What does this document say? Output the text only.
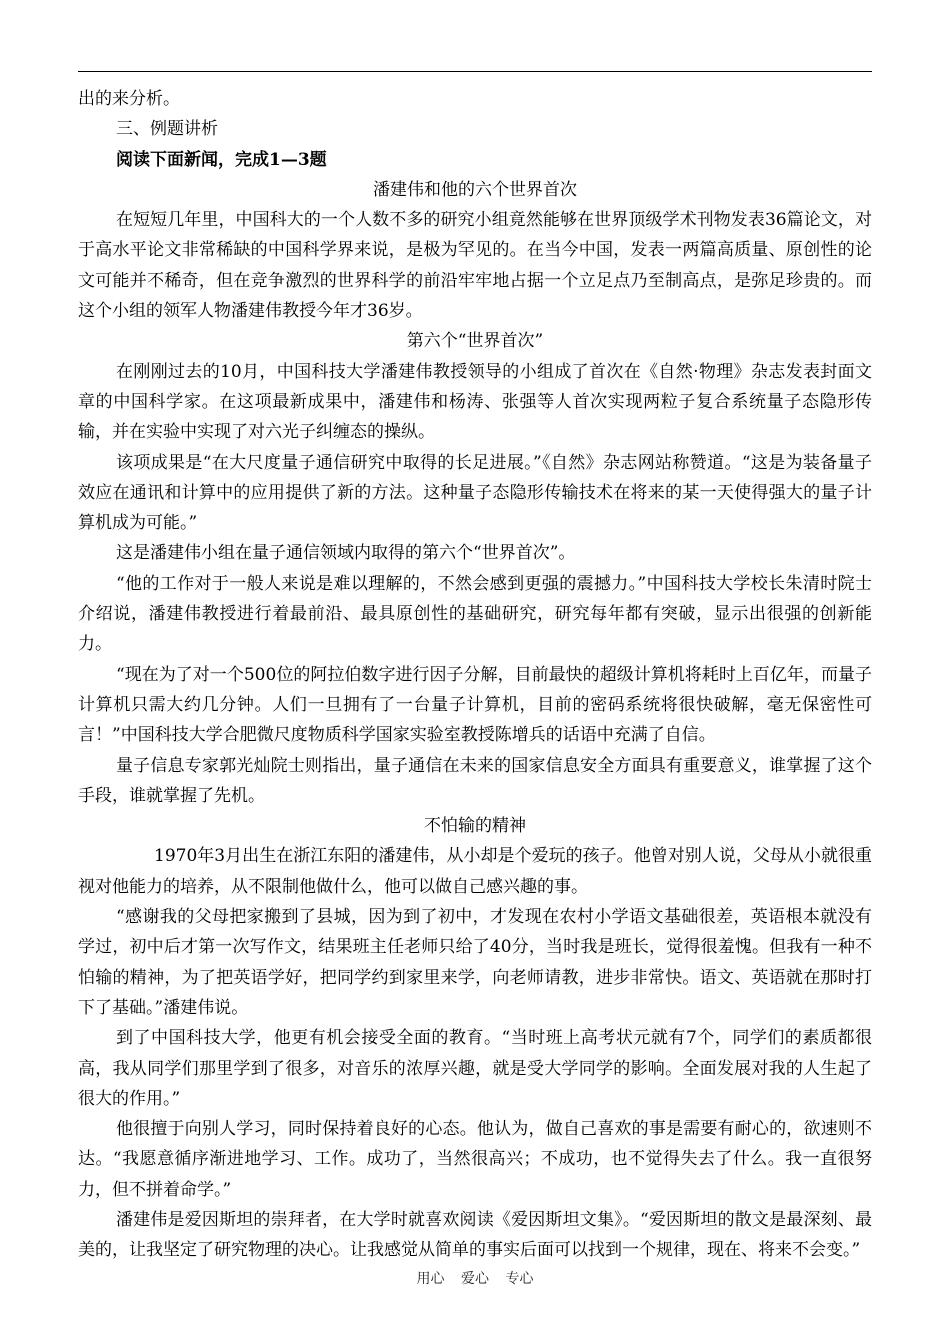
出的来分析。

三、例题讲析

阅读下面新闻，完成1—3题

潘建伟和他的六个世界首次

在短短几年里，中国科大的一个人数不多的研究小组竟然能够在世界顶级学术刊物发表36篇论文，对于高水平论文非常稀缺的中国科学界来说，是极为罕见的。在当今中国，发表一两篇高质量、原创性的论文可能并不稀奇，但在竞争激烈的世界科学的前沿牢牢地占据一个立足点乃至制高点，是弥足珍贵的。而这个小组的领军人物潘建伟教授今年才36岁。

第六个“世界首次”

在刚刚过去的10月，中国科技大学潘建伟教授领导的小组成了首次在《自然·物理》杂志发表封面文章的中国科学家。在这项最新成果中，潘建伟和杨涛、张强等人首次实现两粒子复合系统量子态隐形传输，并在实验中实现了对六光子纠缠态的操纵。

该项成果是“在大尺度量子通信研究中取得的长足进展。”《自然》杂志网站称赞道。“这是为装备量子效应在通讯和计算中的应用提供了新的方法。这种量子态隐形传输技术在将来的某一天使得强大的量子计算机成为可能。”

这是潘建伟小组在量子通信领域内取得的第六个“世界首次”。

“他的工作对于一般人来说是难以理解的，不然会感到更强的震撼力。”中国科技大学校长朱清时院士介绍说，潘建伟教授进行着最前沿、最具原创性的基础研究，研究每年都有突破，显示出很强的创新能力。

“现在为了对一个500位的阿拉伯数字进行因子分解，目前最快的超级计算机将耗时上百亿年，而量子计算机只需大约几分钟。人们一旦拥有了一台量子计算机，目前的密码系统将很快破解，毫无保密性可言！”中国科技大学合肥微尺度物质科学国家实验室教授陈增兵的话语中充满了自信。

量子信息专家郭光灿院士则指出，量子通信在未来的国家信息安全方面具有重要意义，谁掌握了这个手段，谁就掌握了先机。

不怕输的精神

1970年3月出生在浙江东阳的潘建伟，从小却是个爱玩的孩子。他曾对别人说，父母从小就很重视对他能力的培养，从不限制他做什么，他可以做自己感兴趣的事。

“感谢我的父母把家搬到了县城，因为到了初中，才发现在农村小学语文基础很差，英语根本就没有学过，初中后才第一次写作文，结果班主任老师只给了40分，当时我是班长，觉得很羞愧。但我有一种不怕输的精神，为了把英语学好，把同学约到家里来学，向老师请教，进步非常快。语文、英语就在那时打下了基础。”潘建伟说。

到了中国科技大学，他更有机会接受全面的教育。“当时班上高考状元就有7个，同学们的素质都很高，我从同学们那里学到了很多，对音乐的浓厚兴趣，就是受大学同学的影响。全面发展对我的人生起了很大的作用。”

他很擅于向别人学习，同时保持着良好的心态。他认为，做自己喜欢的事是需要有耐心的，欲速则不达。“我愿意循序渐进地学习、工作。成功了，当然很高兴；不成功，也不觉得失去了什么。我一直很努力，但不拼着命学。”

潘建伟是爱因斯坦的崇拜者，在大学时就喜欢阅读《爱因斯坦文集》。“爱因斯坦的散文是最深刻、最美的，让我坚定了研究物理的决心。让我感觉从简单的事实后面可以找到一个规律，现在、将来不会变。”

用心 爱心 专心
